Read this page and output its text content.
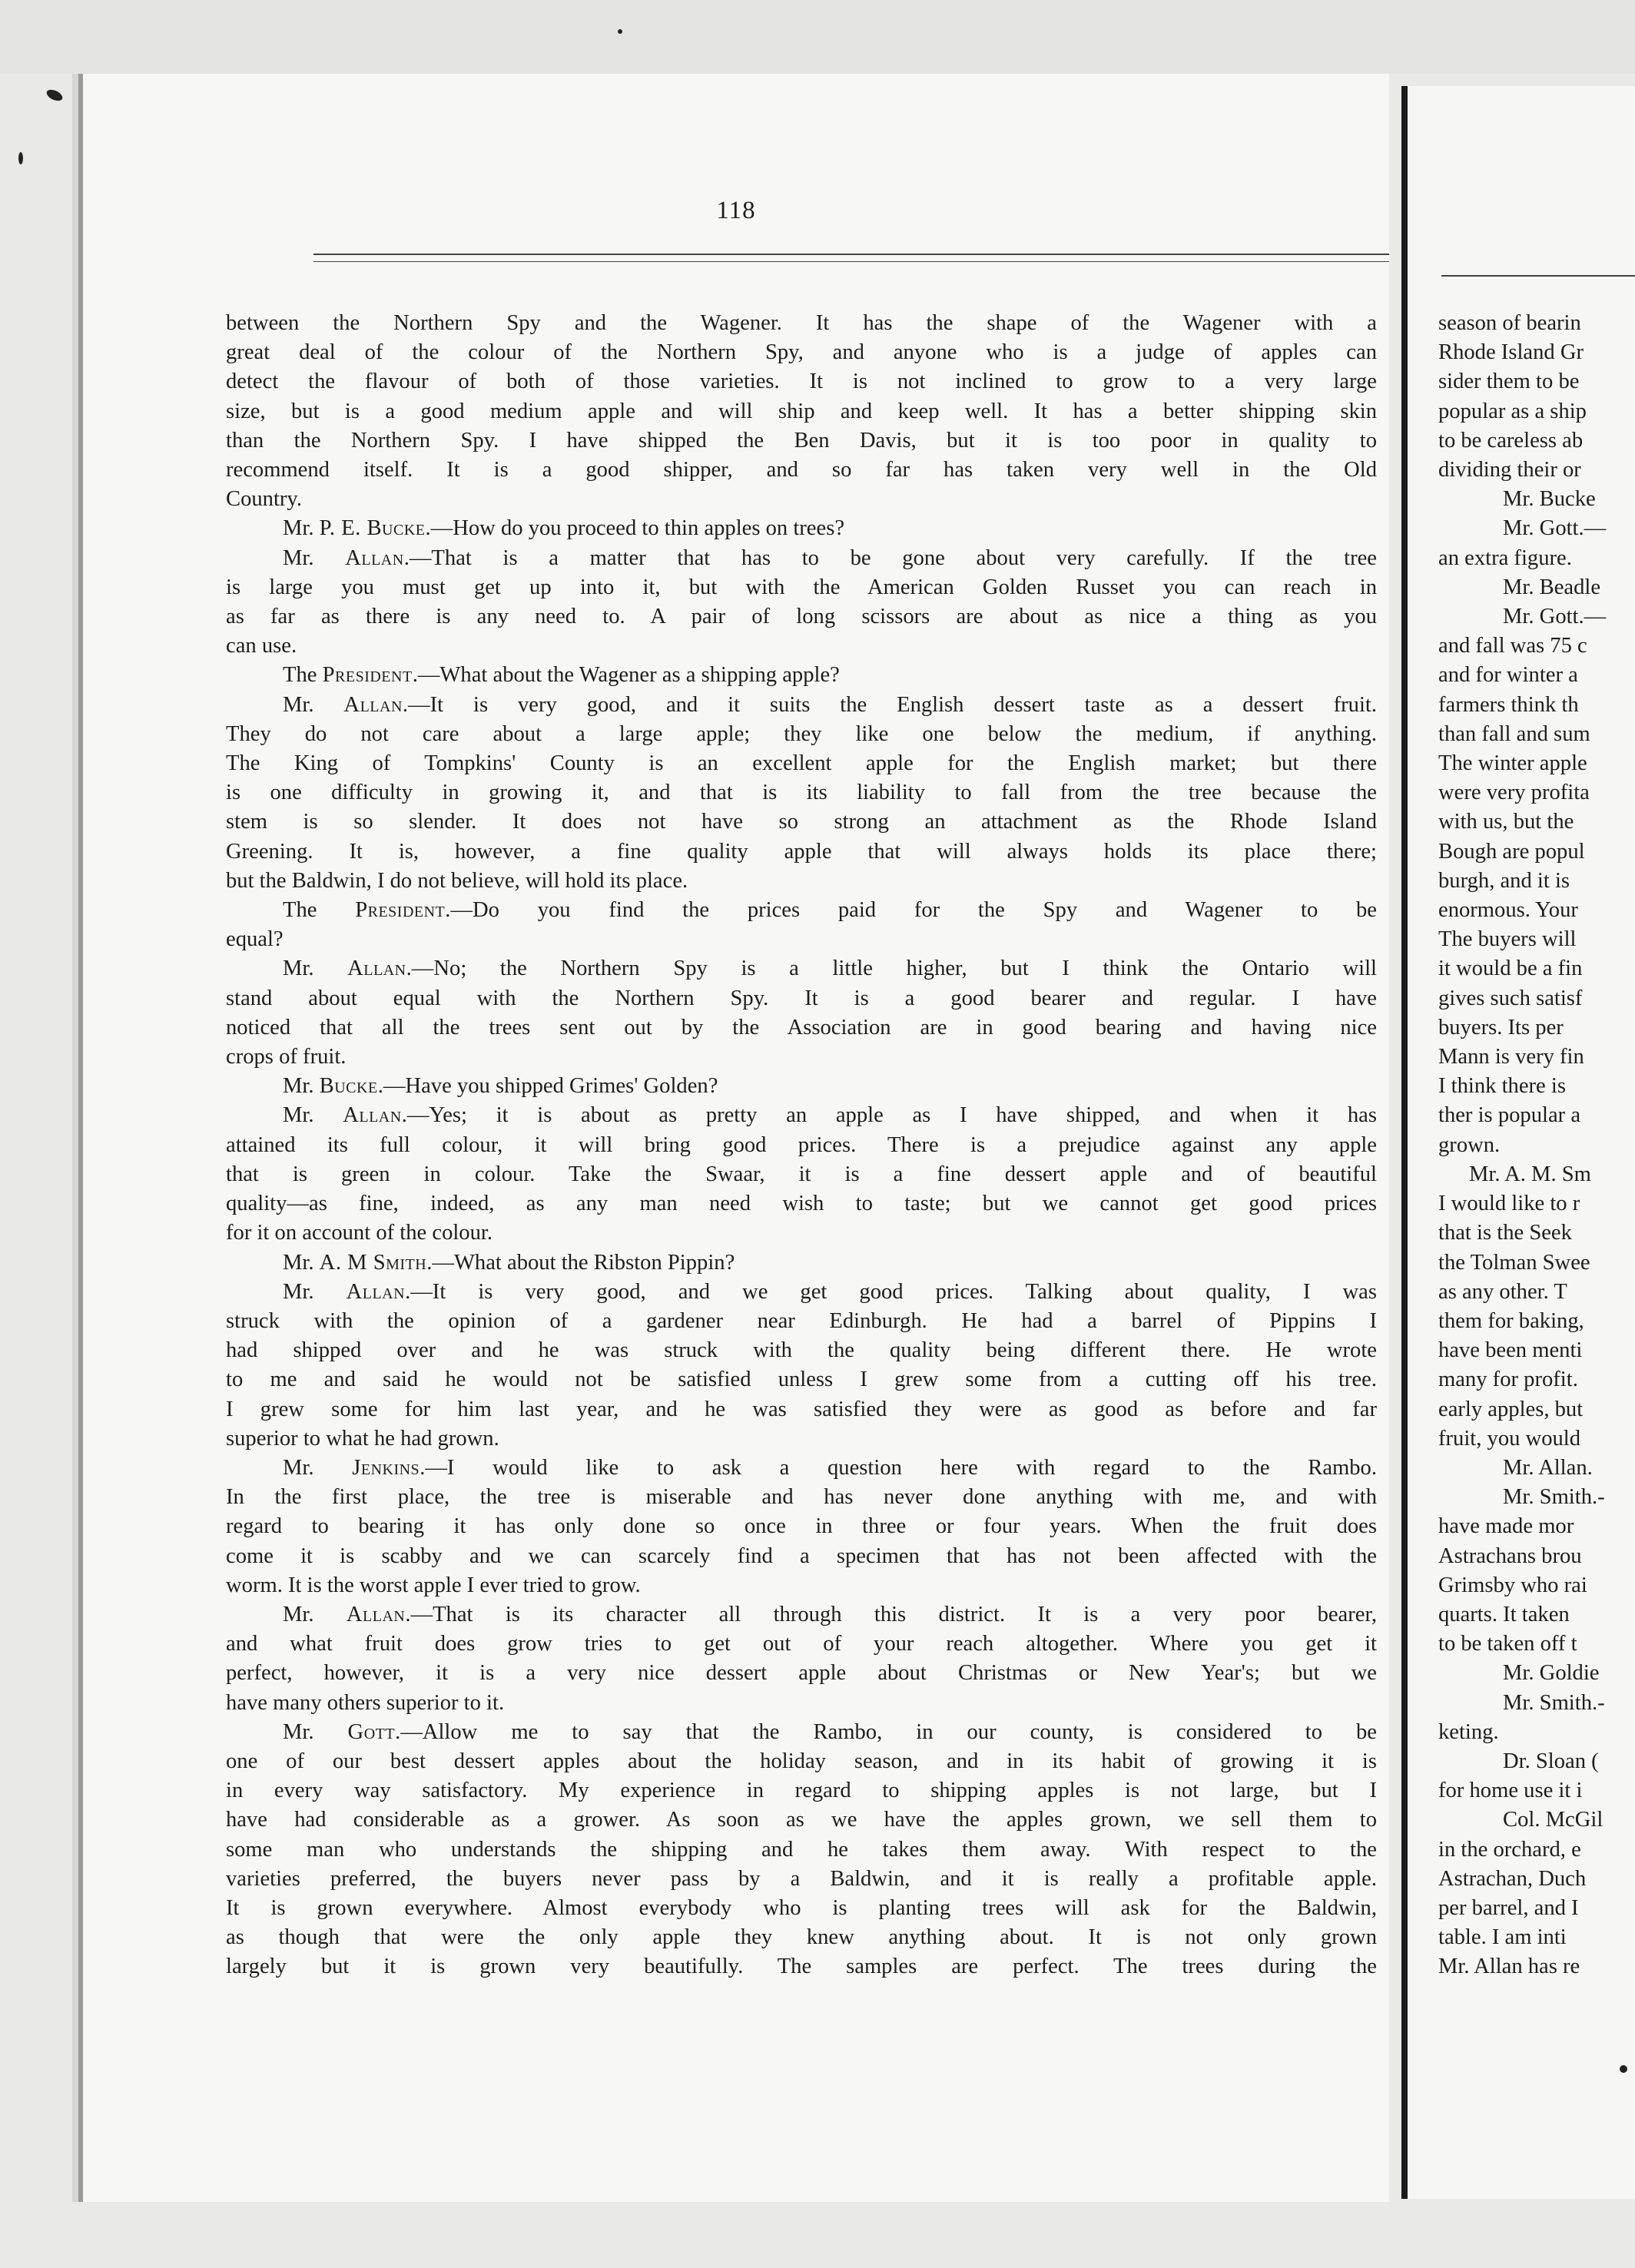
118

between the Northern Spy and the Wagener. It has the shape of the Wagener with a

great deal of the colour of the Northern Spy, and anyone who is a judge of apples can

detect the flavour of both of those varieties. It is not inclined to grow to a very large

size, but is a good medium apple and will ship and keep well. It has a better shipping skin

than the Northern Spy. I have shipped the Ben Davis, but it is too poor in quality to

recommend itself. It is a good shipper, and so far has taken very well in the Old

Country.

Mr. P. E. Bucke.—How do you proceed to thin apples on trees?

Mr. Allan.—That is a matter that has to be gone about very carefully. If the tree

is large you must get up into it, but with the American Golden Russet you can reach in

as far as there is any need to. A pair of long scissors are about as nice a thing as you

can use.

The President.—What about the Wagener as a shipping apple?

Mr. Allan.—It is very good, and it suits the English dessert taste as a dessert fruit.

They do not care about a large apple; they like one below the medium, if anything.

The King of Tompkins' County is an excellent apple for the English market; but there

is one difficulty in growing it, and that is its liability to fall from the tree because the

stem is so slender. It does not have so strong an attachment as the Rhode Island

Greening. It is, however, a fine quality apple that will always holds its place there;

but the Baldwin, I do not believe, will hold its place.

The President.—Do you find the prices paid for the Spy and Wagener to be

equal?

Mr. Allan.—No; the Northern Spy is a little higher, but I think the Ontario will

stand about equal with the Northern Spy. It is a good bearer and regular. I have

noticed that all the trees sent out by the Association are in good bearing and having nice

crops of fruit.

Mr. Bucke.—Have you shipped Grimes' Golden?

Mr. Allan.—Yes; it is about as pretty an apple as I have shipped, and when it has

attained its full colour, it will bring good prices. There is a prejudice against any apple

that is green in colour. Take the Swaar, it is a fine dessert apple and of beautiful

quality—as fine, indeed, as any man need wish to taste; but we cannot get good prices

for it on account of the colour.

Mr. A. M Smith.—What about the Ribston Pippin?

Mr. Allan.—It is very good, and we get good prices. Talking about quality, I was

struck with the opinion of a gardener near Edinburgh. He had a barrel of Pippins I

had shipped over and he was struck with the quality being different there. He wrote

to me and said he would not be satisfied unless I grew some from a cutting off his tree.

I grew some for him last year, and he was satisfied they were as good as before and far

superior to what he had grown.

Mr. Jenkins.—I would like to ask a question here with regard to the Rambo.

In the first place, the tree is miserable and has never done anything with me, and with

regard to bearing it has only done so once in three or four years. When the fruit does

come it is scabby and we can scarcely find a specimen that has not been affected with the

worm. It is the worst apple I ever tried to grow.

Mr. Allan.—That is its character all through this district. It is a very poor bearer,

and what fruit does grow tries to get out of your reach altogether. Where you get it

perfect, however, it is a very nice dessert apple about Christmas or New Year's; but we

have many others superior to it.

Mr. Gott.—Allow me to say that the Rambo, in our county, is considered to be

one of our best dessert apples about the holiday season, and in its habit of growing it is

in every way satisfactory. My experience in regard to shipping apples is not large, but I

have had considerable as a grower. As soon as we have the apples grown, we sell them to

some man who understands the shipping and he takes them away. With respect to the

varieties preferred, the buyers never pass by a Baldwin, and it is really a profitable apple.

It is grown everywhere. Almost everybody who is planting trees will ask for the Baldwin,

as though that were the only apple they knew anything about. It is not only grown

largely but it is grown very beautifully. The samples are perfect. The trees during the

season of bearin
Rhode Island Gr
sider them to be
popular as a ship
to be careless ab
dividing their or
Mr. Bucke
Mr. Gott.—
an extra figure.
Mr. Beadle
Mr. Gott.—
and fall was 75 c
and for winter a
farmers think th
than fall and sum
The winter apple
were very profita
with us, but the
Bough are popul
burgh, and it is
enormous. Your
The buyers will
it would be a fin
gives such satisf
buyers. Its per
Mann is very fin
I think there is
ther is popular a
grown.
Mr. A. M. Sm
I would like to r
that is the Seek
the Tolman Swee
as any other. T
them for baking,
have been menti
many for profit.
early apples, but
fruit, you would
Mr. Allan.
Mr. Smith.-
have made mor
Astrachans brou
Grimsby who rai
quarts. It taken
to be taken off t
Mr. Goldie
Mr. Smith.-
keting.
Dr. Sloan (
for home use it i
Col. McGil
in the orchard, e
Astrachan, Duch
per barrel, and I
table. I am inti
Mr. Allan has re
